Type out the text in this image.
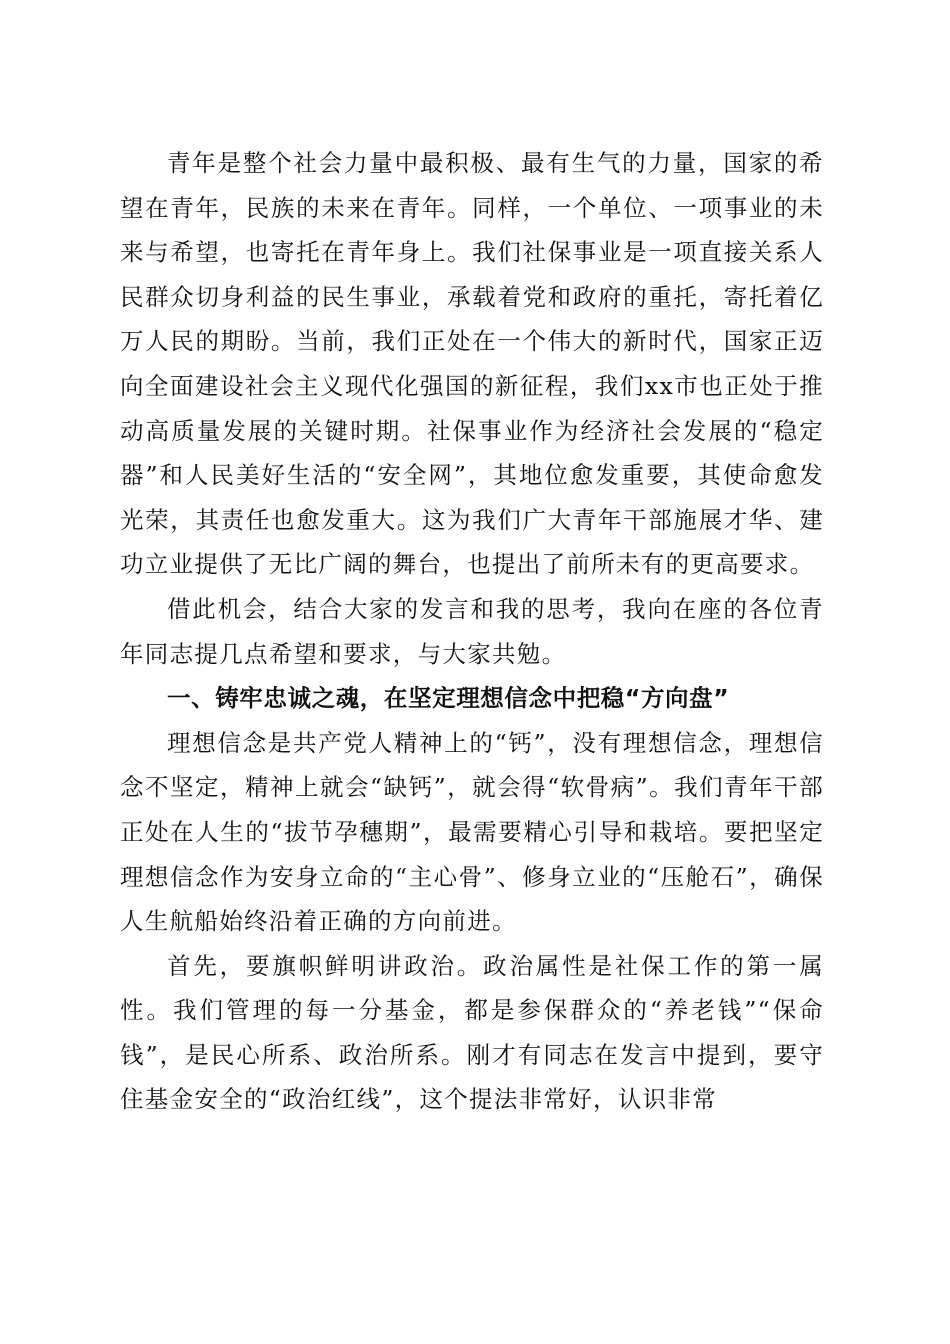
青年是整个社会力量中最积极、最有生气的力量，国家的希望在青年，民族的未来在青年。同样，一个单位、一项事业的未来与希望，也寄托在青年身上。我们社保事业是一项直接关系人民群众切身利益的民生事业，承载着党和政府的重托，寄托着亿万人民的期盼。当前，我们正处在一个伟大的新时代，国家正迈向全面建设社会主义现代化强国的新征程，我们xx市也正处于推动高质量发展的关键时期。社保事业作为经济社会发展的“稳定器”和人民美好生活的“安全网”，其地位愈发重要，其使命愈发光荣，其责任也愈发重大。这为我们广大青年干部施展才华、建功立业提供了无比广阔的舞台，也提出了前所未有的更高要求。

借此机会，结合大家的发言和我的思考，我向在座的各位青年同志提几点希望和要求，与大家共勉。

一、铸牢忠诚之魂，在坚定理想信念中把稳“方向盘”

理想信念是共产党人精神上的“钙”，没有理想信念，理想信念不坚定，精神上就会“缺钙”，就会得“软骨病”。我们青年干部正处在人生的“拔节孕穗期”，最需要精心引导和栽培。要把坚定理想信念作为安身立命的“主心骨”、修身立业的“压舱石”，确保人生航船始终沿着正确的方向前进。

首先，要旗帜鲜明讲政治。政治属性是社保工作的第一属性。我们管理的每一分基金，都是参保群众的“养老钱”“保命钱”，是民心所系、政治所系。刚才有同志在发言中提到，要守住基金安全的“政治红线”，这个提法非常好，认识非常
